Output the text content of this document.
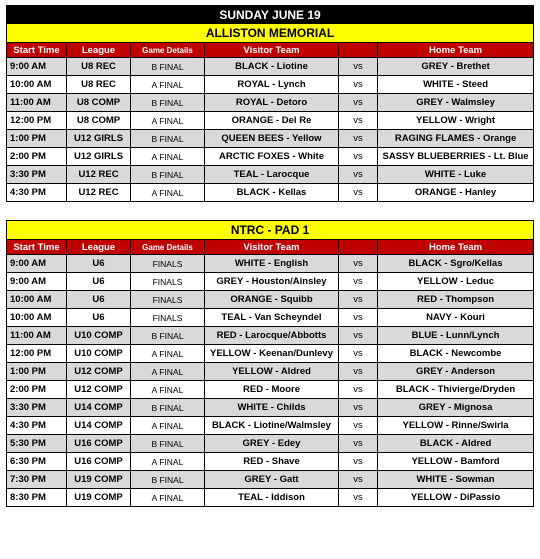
SUNDAY JUNE 19					
ALLISTON MEMORIAL					
Start Time	League	Game Details	Visitor Team		Home Team
9:00 AM	U8 REC	B FINAL	BLACK - Liotine	vs	GREY - Brethet
10:00 AM	U8 REC	A FINAL	ROYAL - Lynch	vs	WHITE - Steed
11:00 AM	U8 COMP	B FINAL	ROYAL - Detoro	vs	GREY - Walmsley
12:00 PM	U8 COMP	A FINAL	ORANGE - Del Re	vs	YELLOW - Wright
1:00 PM	U12 GIRLS	B FINAL	QUEEN BEES - Yellow	vs	RAGING FLAMES - Orange
2:00 PM	U12 GIRLS	A FINAL	ARCTIC FOXES - White	vs	SASSY BLUEBERRIES - Lt. Blue
3:30 PM	U12 REC	B FINAL	TEAL - Larocque	vs	WHITE - Luke
4:30 PM	U12 REC	A FINAL	BLACK - Kellas	vs	ORANGE - Hanley

NTRC - PAD 1					
Start Time	League	Game Details	Visitor Team		Home Team
9:00 AM	U6	FINALS	WHITE - English	vs	BLACK - Sgro/Kellas
9:00 AM	U6	FINALS	GREY - Houston/Ainsley	vs	YELLOW - Leduc
10:00 AM	U6	FINALS	ORANGE - Squibb	vs	RED - Thompson
10:00 AM	U6	FINALS	TEAL - Van Scheyndel	vs	NAVY - Kouri
11:00 AM	U10 COMP	B FINAL	RED - Larocque/Abbotts	vs	BLUE - Lunn/Lynch
12:00 PM	U10 COMP	A FINAL	YELLOW - Keenan/Dunlevy	vs	BLACK - Newcombe
1:00 PM	U12 COMP	A FINAL	YELLOW - Aldred	vs	GREY - Anderson
2:00 PM	U12 COMP	A FINAL	RED - Moore	vs	BLACK - Thivierge/Dryden
3:30 PM	U14 COMP	B FINAL	WHITE - Childs	vs	GREY - Mignosa
4:30 PM	U14 COMP	A FINAL	BLACK - Liotine/Walmsley	vs	YELLOW - Rinne/Swirla
5:30 PM	U16 COMP	B FINAL	GREY - Edey	vs	BLACK - Aldred
6:30 PM	U16 COMP	A FINAL	RED - Shave	vs	YELLOW - Bamford
7:30 PM	U19 COMP	B FINAL	GREY - Gatt	vs	WHITE - Sowman
8:30 PM	U19 COMP	A FINAL	TEAL - Iddison	vs	YELLOW - DiPassio
